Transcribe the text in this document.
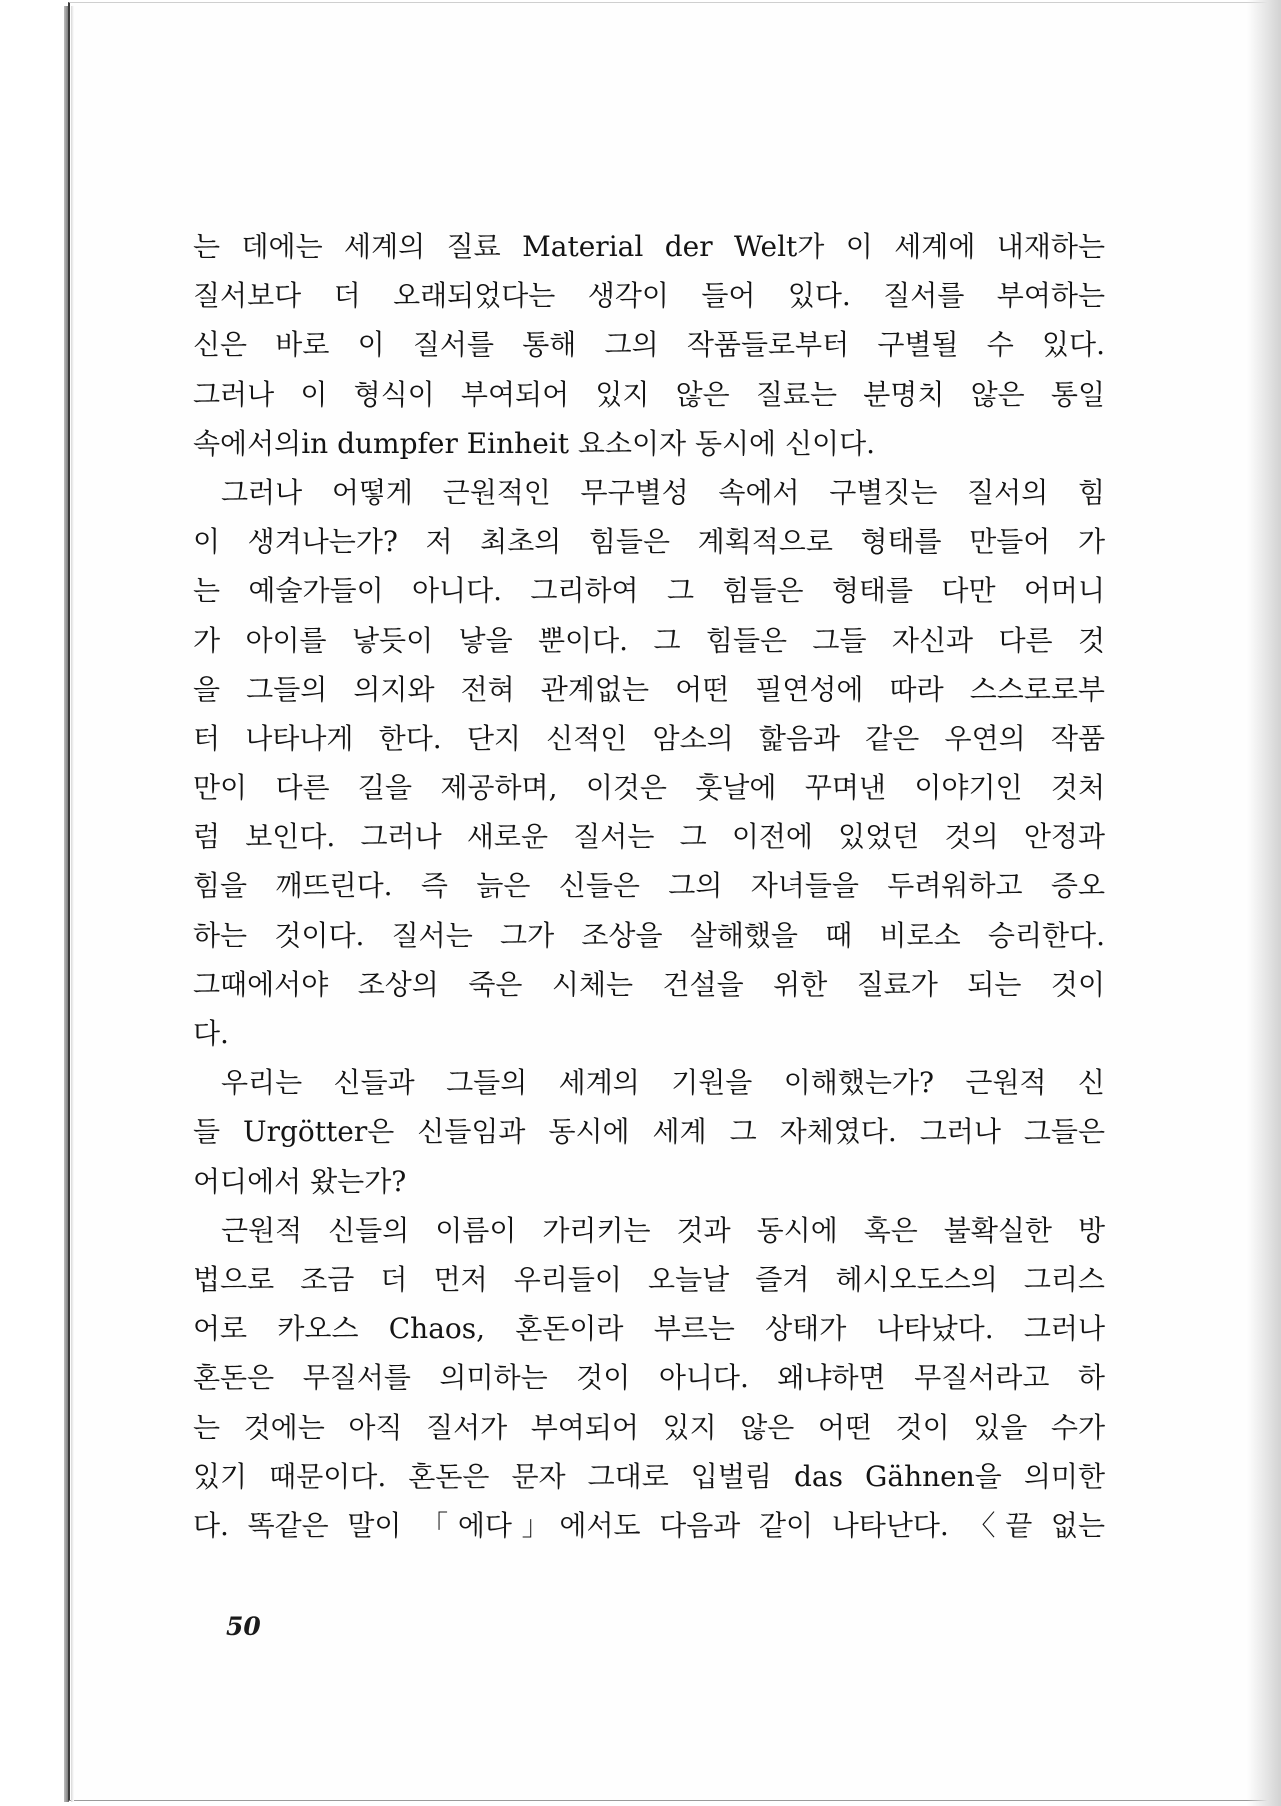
는 데에는 세계의 질료 Material der Welt가 이 세계에 내재하는
질서보다 더 오래되었다는 생각이 들어 있다. 질서를 부여하는
신은 바로 이 질서를 통해 그의 작품들로부터 구별될 수 있다.
그러나 이 형식이 부여되어 있지 않은 질료는 분명치 않은 통일
속에서의in dumpfer Einheit 요소이자 동시에 신이다.
그러나 어떻게 근원적인 무구별성 속에서 구별짓는 질서의 힘
이 생겨나는가? 저 최초의 힘들은 계획적으로 형태를 만들어 가
는 예술가들이 아니다. 그리하여 그 힘들은 형태를 다만 어머니
가 아이를 낳듯이 낳을 뿐이다. 그 힘들은 그들 자신과 다른 것
을 그들의 의지와 전혀 관계없는 어떤 필연성에 따라 스스로로부
터 나타나게 한다. 단지 신적인 암소의 핥음과 같은 우연의 작품
만이 다른 길을 제공하며, 이것은 훗날에 꾸며낸 이야기인 것처
럼 보인다. 그러나 새로운 질서는 그 이전에 있었던 것의 안정과
힘을 깨뜨린다. 즉 늙은 신들은 그의 자녀들을 두려워하고 증오
하는 것이다. 질서는 그가 조상을 살해했을 때 비로소 승리한다.
그때에서야 조상의 죽은 시체는 건설을 위한 질료가 되는 것이
다.
우리는 신들과 그들의 세계의 기원을 이해했는가? 근원적 신
들 Urgötter은 신들임과 동시에 세계 그 자체였다. 그러나 그들은
어디에서 왔는가?
근원적 신들의 이름이 가리키는 것과 동시에 혹은 불확실한 방
법으로 조금 더 먼저 우리들이 오늘날 즐겨 헤시오도스의 그리스
어로 카오스 Chaos, 혼돈이라 부르는 상태가 나타났다. 그러나
혼돈은 무질서를 의미하는 것이 아니다. 왜냐하면 무질서라고 하
는 것에는 아직 질서가 부여되어 있지 않은 어떤 것이 있을 수가
있기 때문이다. 혼돈은 문자 그대로 입벌림 das Gähnen을 의미한
다. 똑같은 말이 「에다」에서도 다음과 같이 나타난다. 〈끝 없는
50
